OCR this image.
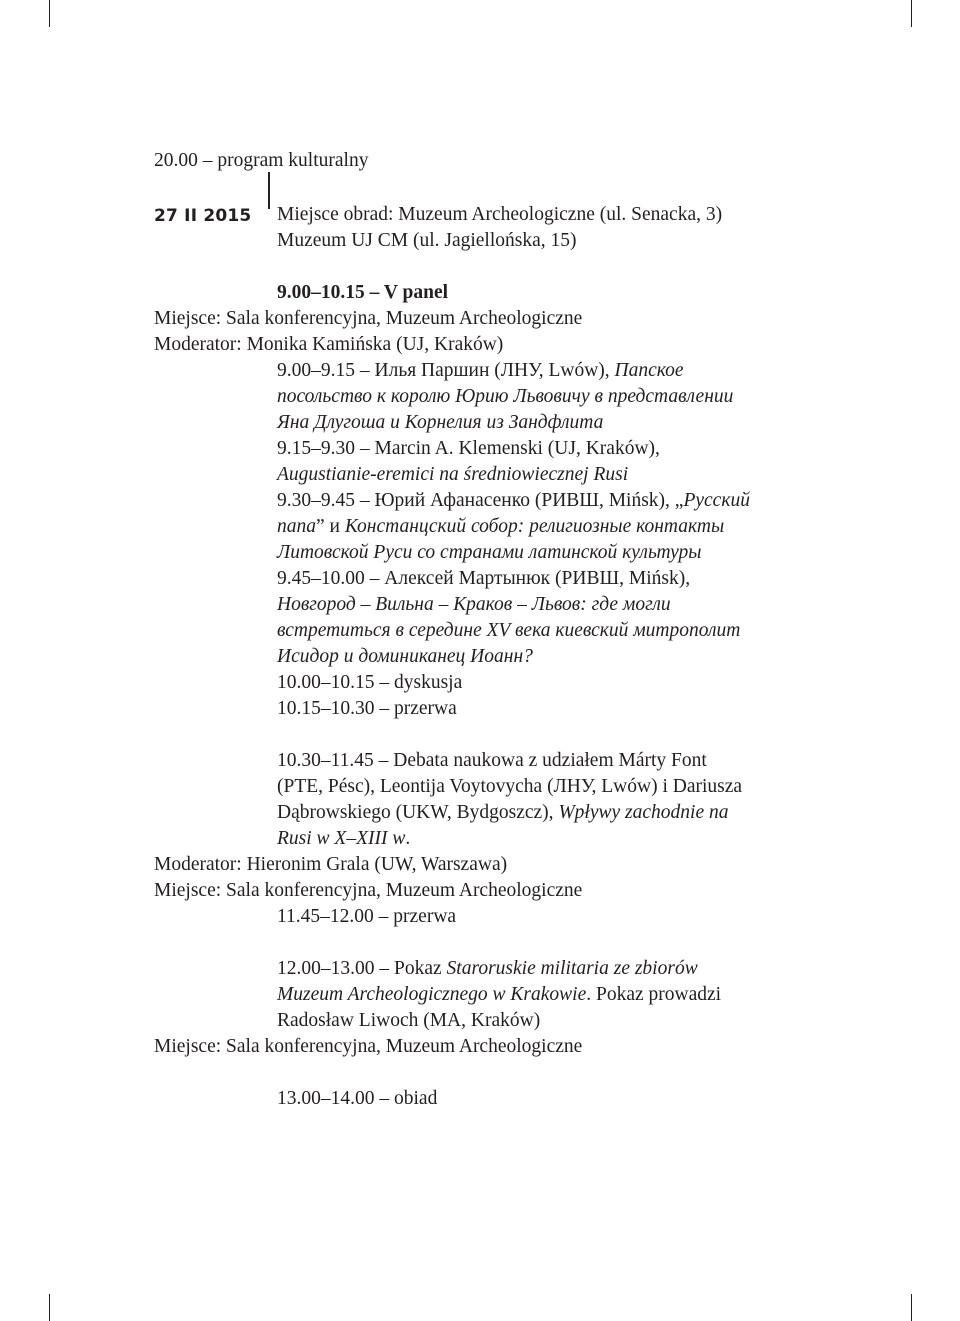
20.00 – program kulturalny
27 II 2015 Miejsce obrad: Muzeum Archeologiczne (ul. Senacka, 3)
Muzeum UJ CM (ul. Jagiellońska, 15)
9.00–10.15 – V panel
Miejsce: Sala konferencyjna, Muzeum Archeologiczne
Moderator: Monika Kamińska (UJ, Kraków)
9.00–9.15 – Илья Паршин (ЛНУ, Lwów), Папское
посольство к королю Юрию Львовичу в представлении
Яна Длугоша и Корнелия из Зандфлита
9.15–9.30 – Marcin A. Klemenski (UJ, Kraków),
Augustianie-eremici na średniowiecznej Rusi
9.30–9.45 – Юрий Афанасенко (РИВШ, Mińsk), „Русский
папа” и Констанцский собор: религиозные контакты
Литовской Руси со странами латинской культуры
9.45–10.00 – Алексей Мартынюк (РИВШ, Mińsk),
Новгород – Вильна – Краков – Львов: где могли
встретиться в середине XV века киевский митрополит
Исидор и доминиканец Иоанн?
10.00–10.15 – dyskusja
10.15–10.30 – przerwa
10.30–11.45 – Debata naukowa z udziałem Márty Font
(PTE, Pésc), Leontija Voytovycha (ЛНУ, Lwów) i Dariusza
Dąbrowskiego (UKW, Bydgoszcz), Wpływy zachodnie na
Rusi w X–XIII w.
Moderator: Hieronim Grala (UW, Warszawa)
Miejsce: Sala konferencyjna, Muzeum Archeologiczne
11.45–12.00 – przerwa
12.00–13.00 – Pokaz Staroruskie militaria ze zbiorów
Muzeum Archeologicznego w Krakowie. Pokaz prowadzi
Radosław Liwoch (MA, Kraków)
Miejsce: Sala konferencyjna, Muzeum Archeologiczne
13.00–14.00 – obiad
